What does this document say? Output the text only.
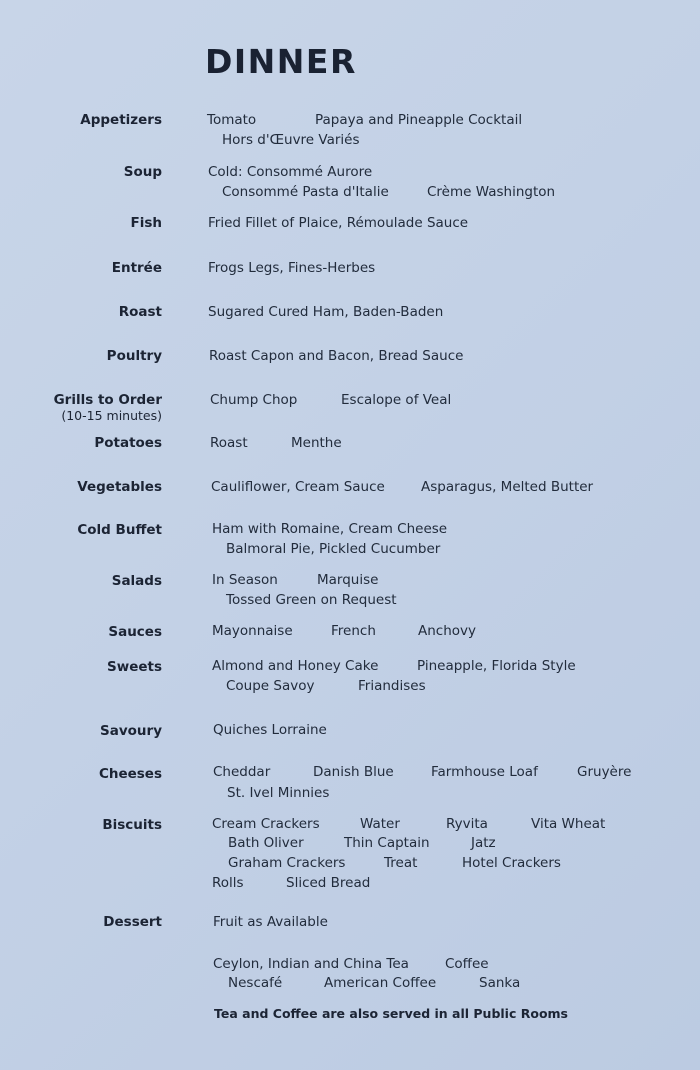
DINNER
Appetizers	Tomato	Papaya and Pineapple Cocktail
Hors d'Œuvre Variés
Soup	Cold: Consommé Aurore
Consommé Pasta d'Italie	Crème Washington
Fish	Fried Fillet of Plaice, Rémoulade Sauce
Entrée	Frogs Legs, Fines-Herbes
Roast	Sugared Cured Ham, Baden-Baden
Poultry	Roast Capon and Bacon, Bread Sauce
Grills to Order
(10-15 minutes)
Chump Chop	Escalope of Veal
Potatoes	Roast	Menthe
Vegetables	Cauliflower, Cream Sauce	Asparagus, Melted Butter
Cold Buffet	Ham with Romaine, Cream Cheese
Balmoral Pie, Pickled Cucumber
Salads	In Season	Marquise
Tossed Green on Request
Sauces	Mayonnaise	French	Anchovy
Sweets	Almond and Honey Cake	Pineapple, Florida Style
Coupe Savoy	Friandises
Savoury	Quiches Lorraine
Cheeses	Cheddar	Danish Blue	Farmhouse Loaf	Gruyère
St. Ivel Minnies
Biscuits	Cream Crackers	Water	Ryvita	Vita Wheat
Bath Oliver	Thin Captain	Jatz
Graham Crackers	Treat	Hotel Crackers
Rolls	Sliced Bread
Dessert	Fruit as Available
Ceylon, Indian and China Tea	Coffee
Nescafé	American Coffee	Sanka
Tea and Coffee are also served in all Public Rooms
